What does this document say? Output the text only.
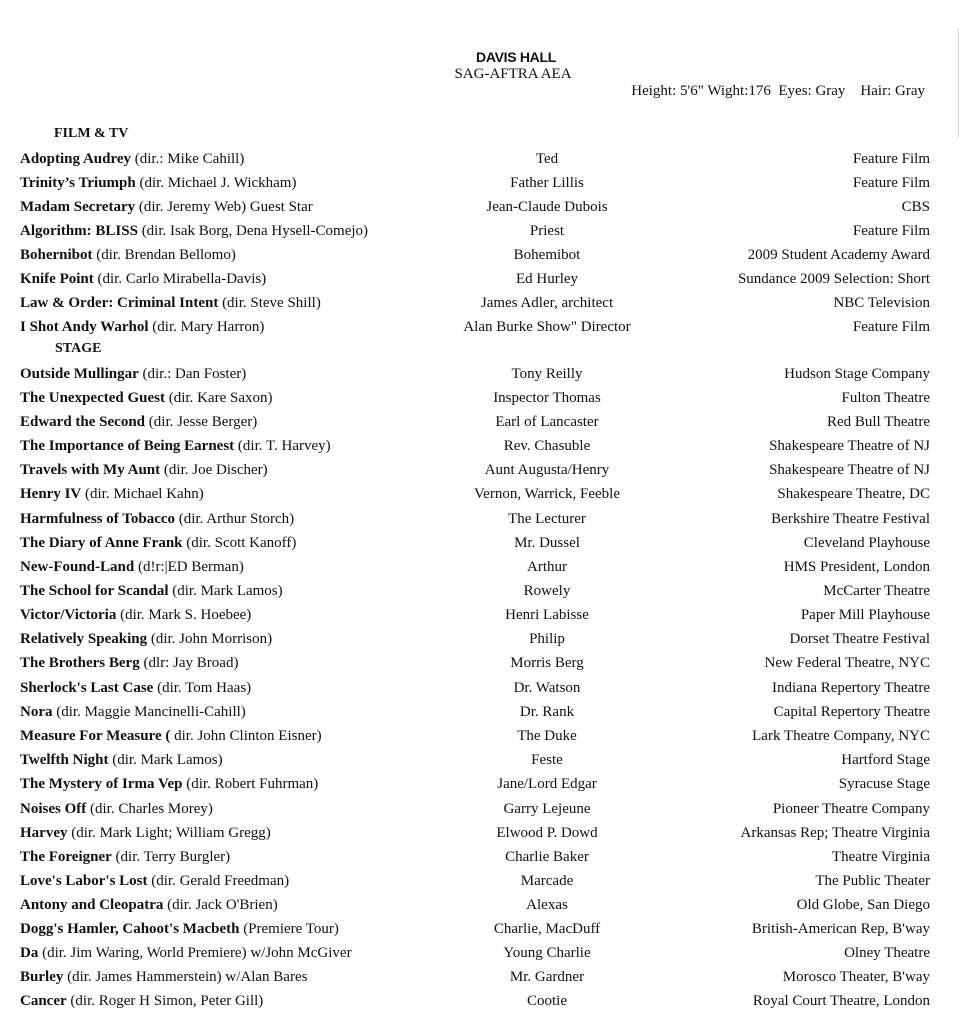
DAVIS HALL
SAG-AFTRA AEA
Height: 5'6" Wight:176  Eyes: Gray    Hair: Gray
FILM & TV
Adopting Audrey (dir.: Mike Cahill)	Ted	Feature Film
Trinity’s Triumph (dir. Michael J. Wickham)	Father Lillis	Feature Film
Madam Secretary (dir. Jeremy Web) Guest Star	Jean-Claude Dubois	CBS
Algorithm: BLISS (dir. Isak Borg, Dena Hysell-Comejo)	Priest	Feature Film
Bohernibot (dir. Brendan Bellomo)	Bohemibot	2009 Student Academy Award
Knife Point (dir. Carlo Mirabella-Davis)	Ed Hurley	Sundance 2009 Selection: Short
Law & Order: Criminal Intent (dir. Steve Shill)	James Adler, architect	NBC Television
I Shot Andy Warhol (dir. Mary Harron)	Alan Burke Show" Director	Feature Film
STAGE
Outside Mullingar (dir.: Dan Foster)	Tony Reilly	Hudson Stage Company
The Unexpected Guest (dir. Kare Saxon)	Inspector Thomas	Fulton Theatre
Edward the Second (dir. Jesse Berger)	Earl of Lancaster	Red Bull Theatre
The Importance of Being Earnest (dir. T. Harvey)	Rev. Chasuble	Shakespeare Theatre of NJ
Travels with My Aunt (dir. Joe Discher)	Aunt Augusta/Henry	Shakespeare Theatre of NJ
Henry IV (dir. Michael Kahn)	Vernon, Warrick, Feeble	Shakespeare Theatre, DC
Harmfulness of Tobacco (dir. Arthur Storch)	The Lecturer	Berkshire Theatre Festival
The Diary of Anne Frank (dir. Scott Kanoff)	Mr. Dussel	Cleveland Playhouse
New-Found-Land (d!r:|ED Berman)	Arthur	HMS President, London
The School for Scandal (dir. Mark Lamos)	Rowely	McCarter Theatre
Victor/Victoria (dir. Mark S. Hoebee)	Henri Labisse	Paper Mill Playhouse
Relatively Speaking (dir. John Morrison)	Philip	Dorset Theatre Festival
The Brothers Berg (dlr: Jay Broad)	Morris Berg	New Federal Theatre, NYC
Sherlock's Last Case (dir. Tom Haas)	Dr. Watson	Indiana Repertory Theatre
Nora (dir. Maggie Mancinelli-Cahill)	Dr. Rank	Capital Repertory Theatre
Measure For Measure ( dir. John Clinton Eisner)	The Duke	Lark Theatre Company, NYC
Twelfth Night (dir. Mark Lamos)	Feste	Hartford Stage
The Mystery of Irma Vep (dir. Robert Fuhrman)	Jane/Lord Edgar	Syracuse Stage
Noises Off (dir. Charles Morey)	Garry Lejeune	Pioneer Theatre Company
Harvey (dir. Mark Light; William Gregg)	Elwood P. Dowd	Arkansas Rep; Theatre Virginia
The Foreigner (dir. Terry Burgler)	Charlie Baker	Theatre Virginia
Love's Labor's Lost (dir. Gerald Freedman)	Marcade	The Public Theater
Antony and Cleopatra (dir. Jack O'Brien)	Alexas	Old Globe, San Diego
Dogg's Hamler, Cahoot's Macbeth (Premiere Tour)	Charlie, MacDuff	British-American Rep, B'way
Da (dir. Jim Waring, World Premiere) w/John McGiver	Young Charlie	Olney Theatre
Burley (dir. James Hammerstein) w/Alan Bares	Mr. Gardner	Morosco Theater, B'way
Cancer (dir. Roger H Simon, Peter Gill)	Cootie	Royal Court Theatre, London
